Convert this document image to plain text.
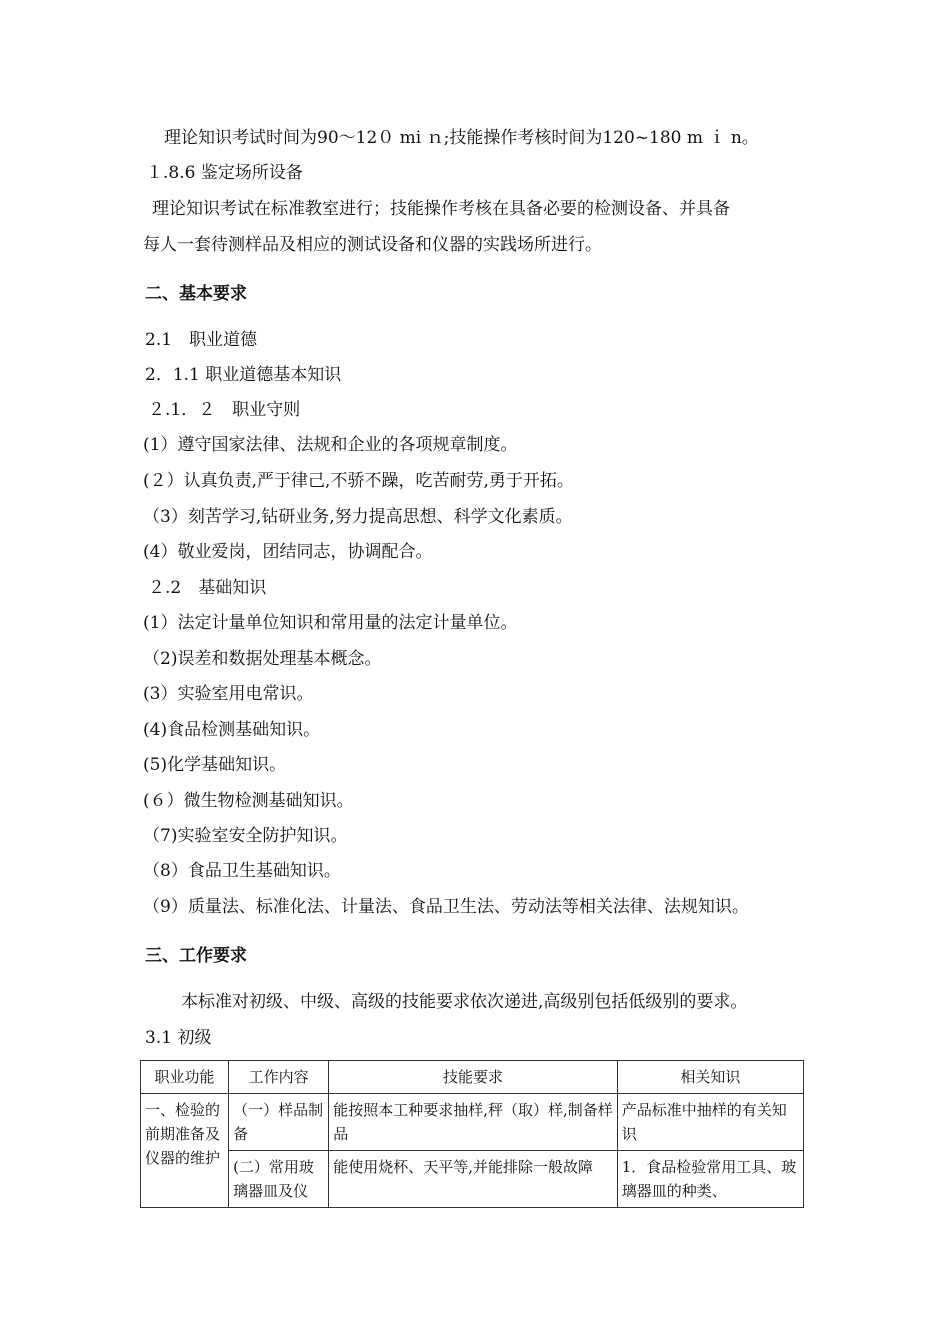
理论知识考试时间为90～12０ mi ｎ;技能操作考核时间为120~180 m ｉ n。
１.8.6 鉴定场所设备
理论知识考试在标准教室进行；技能操作考核在具备必要的检测设备、并具备
每人一套待测样品及相应的测试设备和仪器的实践场所进行。
二、基本要求
2.1　职业道德
2．1.1 职业道德基本知识
２.1．２　职业守则
(1）遵守国家法律、法规和企业的各项规章制度。
(２）认真负责,严于律己,不骄不躁，吃苦耐劳,勇于开拓。
（3）刻苦学习,钻研业务,努力提高思想、科学文化素质。
(4）敬业爱岗，团结同志，协调配合。
２.2　基础知识
(1）法定计量单位知识和常用量的法定计量单位。
（2)误差和数据处理基本概念。
(3）实验室用电常识。
(4)食品检测基础知识。
(5)化学基础知识。
(６）微生物检测基础知识。
（7)实验室安全防护知识。
（8）食品卫生基础知识。
（9）质量法、标准化法、计量法、食品卫生法、劳动法等相关法律、法规知识。
三、工作要求
本标准对初级、中级、高级的技能要求依次递进,高级别包括低级别的要求。
3.1 初级
职业功能	工作内容	技能要求	相关知识
一、检验的前期准备及仪器的维护	（一）样品制备	能按照本工种要求抽样,秤（取）样,制备样品	产品标准中抽样的有关知识
	(二）常用玻璃器皿及仪	能使用烧杯、天平等,并能排除一般故障	1．食品检验常用工具、玻璃器皿的种类、
